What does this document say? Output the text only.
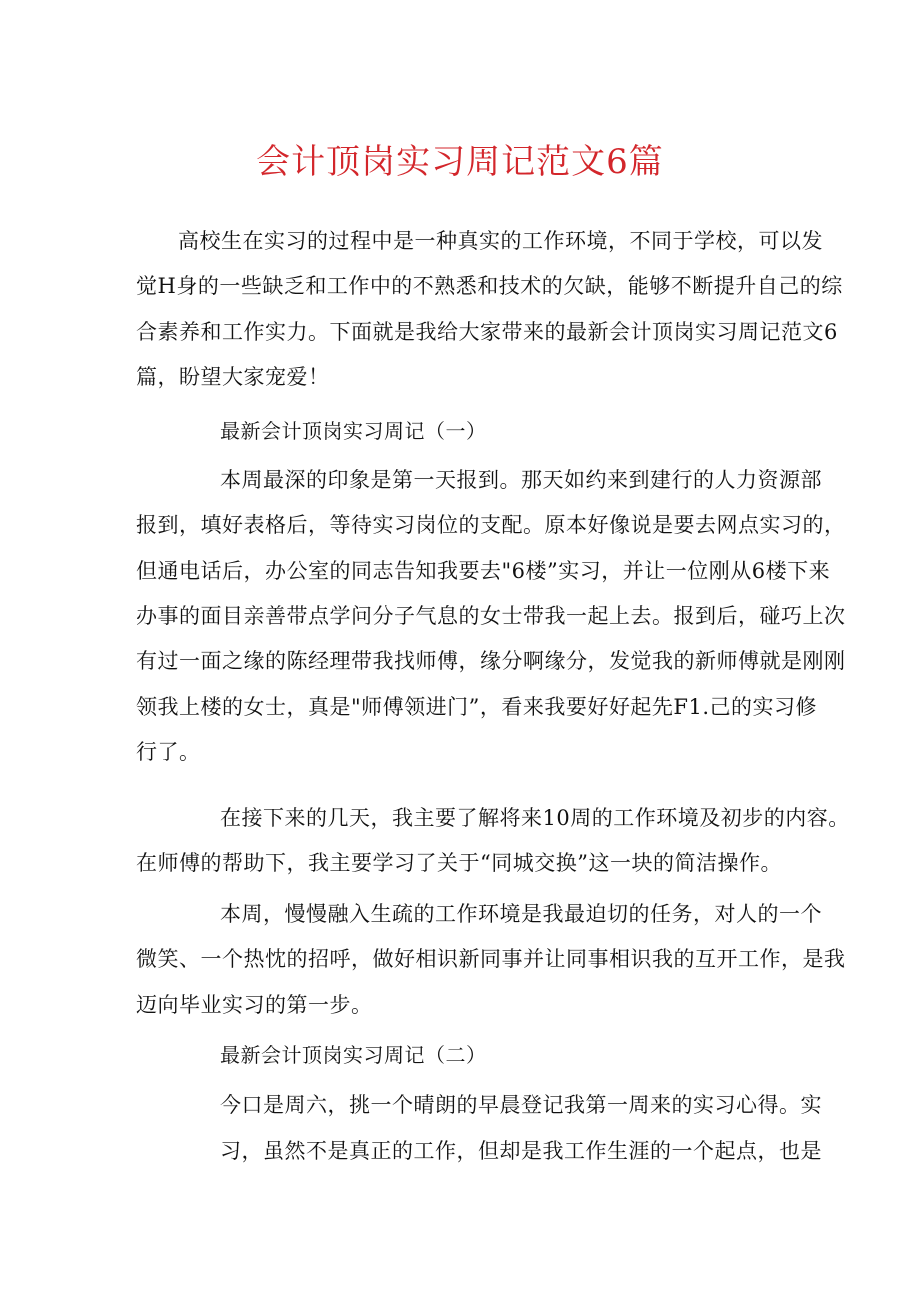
会计顶岗实习周记范文6篇

高校生在实习的过程中是一种真实的工作环境，不同于学校，可以发

觉H身的一些缺乏和工作中的不熟悉和技术的欠缺，能够不断提升自己的综

合素养和工作实力。下面就是我给大家带来的最新会计顶岗实习周记范文6

篇，盼望大家宠爱！

最新会计顶岗实习周记（一）

本周最深的印象是第一天报到。那天如约来到建行的人力资源部

报到，填好表格后，等待实习岗位的支配。原本好像说是要去网点实习的，

但通电话后，办公室的同志告知我要去"6楼”实习，并让一位刚从6楼下来

办事的面目亲善带点学问分子气息的女士带我一起上去。报到后，碰巧上次

有过一面之缘的陈经理带我找师傅，缘分啊缘分，发觉我的新师傅就是刚刚

领我上楼的女士，真是"师傅领进门”，看来我要好好起先F1.己的实习修

行了。

在接下来的几天，我主要了解将来10周的工作环境及初步的内容。

在师傅的帮助下，我主要学习了关于“同城交换”这一块的简洁操作。

本周，慢慢融入生疏的工作环境是我最迫切的任务，对人的一个

微笑、一个热忱的招呼，做好相识新同事并让同事相识我的互开工作，是我

迈向毕业实习的第一步。

最新会计顶岗实习周记（二）

今口是周六，挑一个晴朗的早晨登记我第一周来的实习心得。实

习，虽然不是真正的工作，但却是我工作生涯的一个起点，也是
